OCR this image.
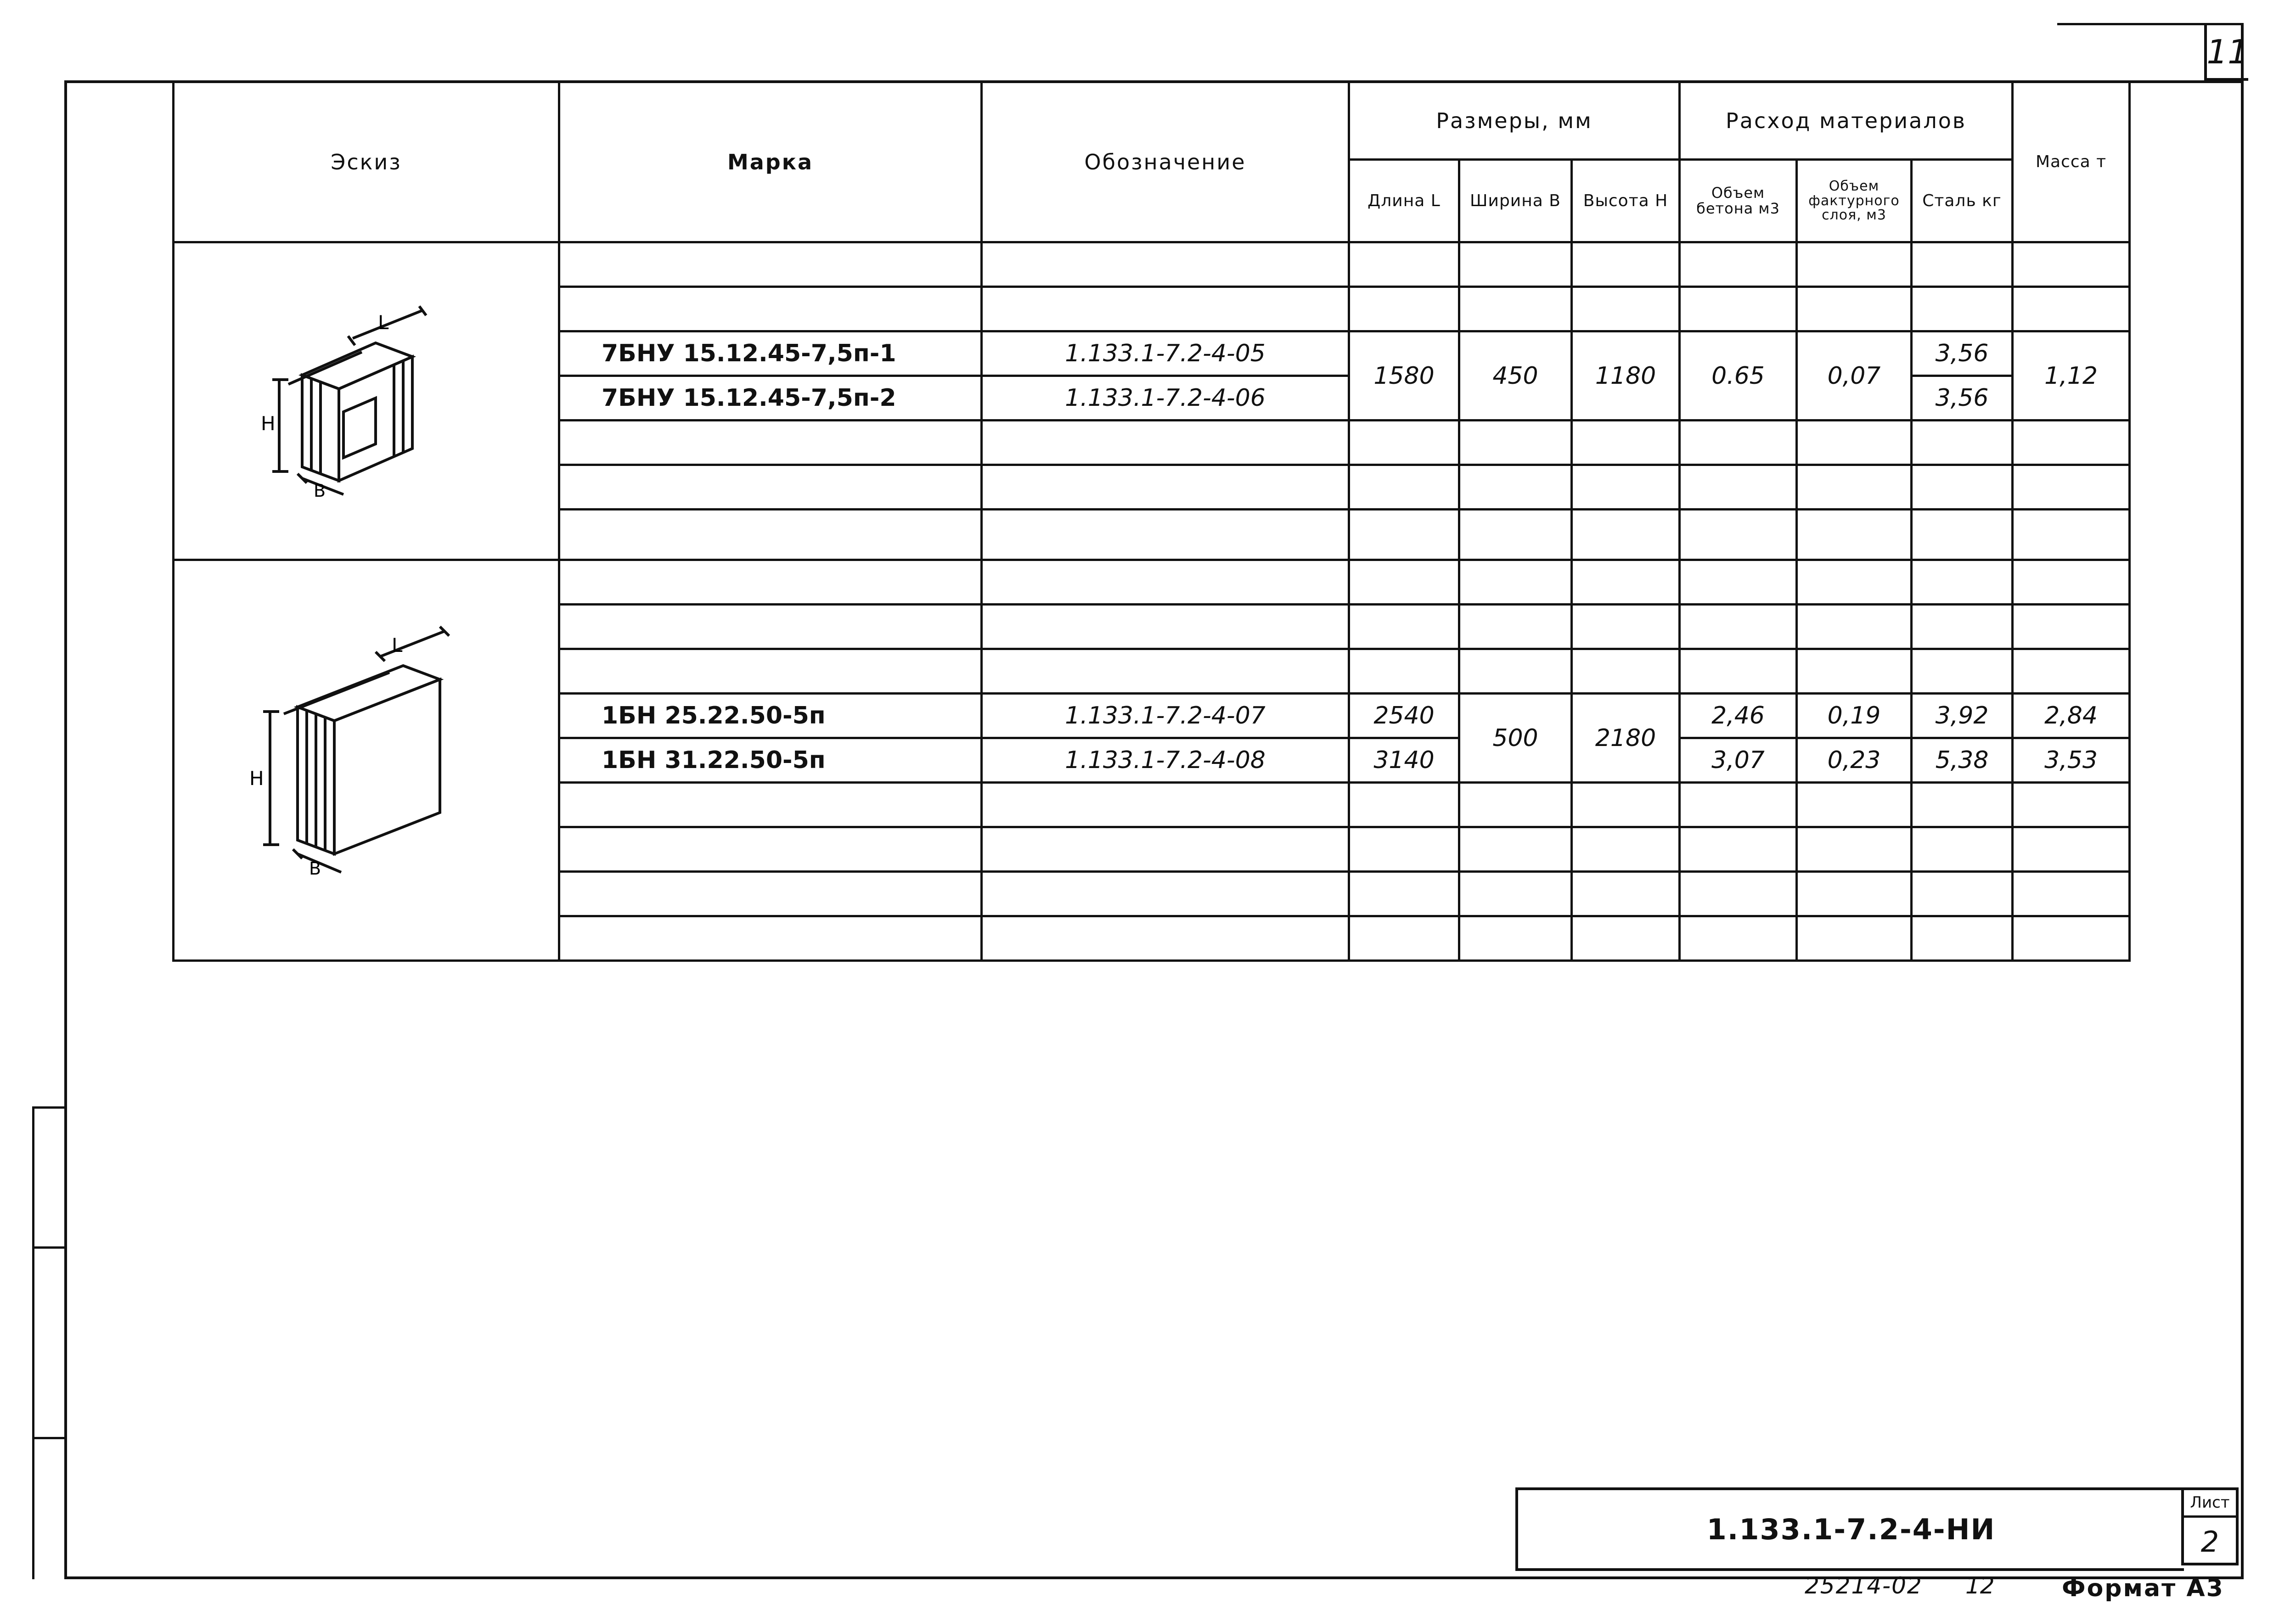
11
Эскиз	Марка	Обозначение	Размеры, мм			Расход материалов			Масса т
			Длина L	Ширина B	Высота H	Объем бетона м3	Объем фактурного слоя, м3	Сталь кг	

L
H
B									

	7БНУ 15.12.45-7,5п-1	1.133.1-7.2-4-05	1580	450	1180	0.65	0,07	3,56	1,12
	7БНУ 15.12.45-7,5п-2	1.133.1-7.2-4-06						3,56	

L
H
B									

	1БН 25.22.50-5п	1.133.1-7.2-4-07	2540	500	2180	2,46	0,19	3,92	2,84
	1БН 31.22.50-5п	1.133.1-7.2-4-08	3140			3,07	0,23	5,38	3,53

1.133.1-7.2-4-НИ
Лист
2
25214-02 12	Формат А3
